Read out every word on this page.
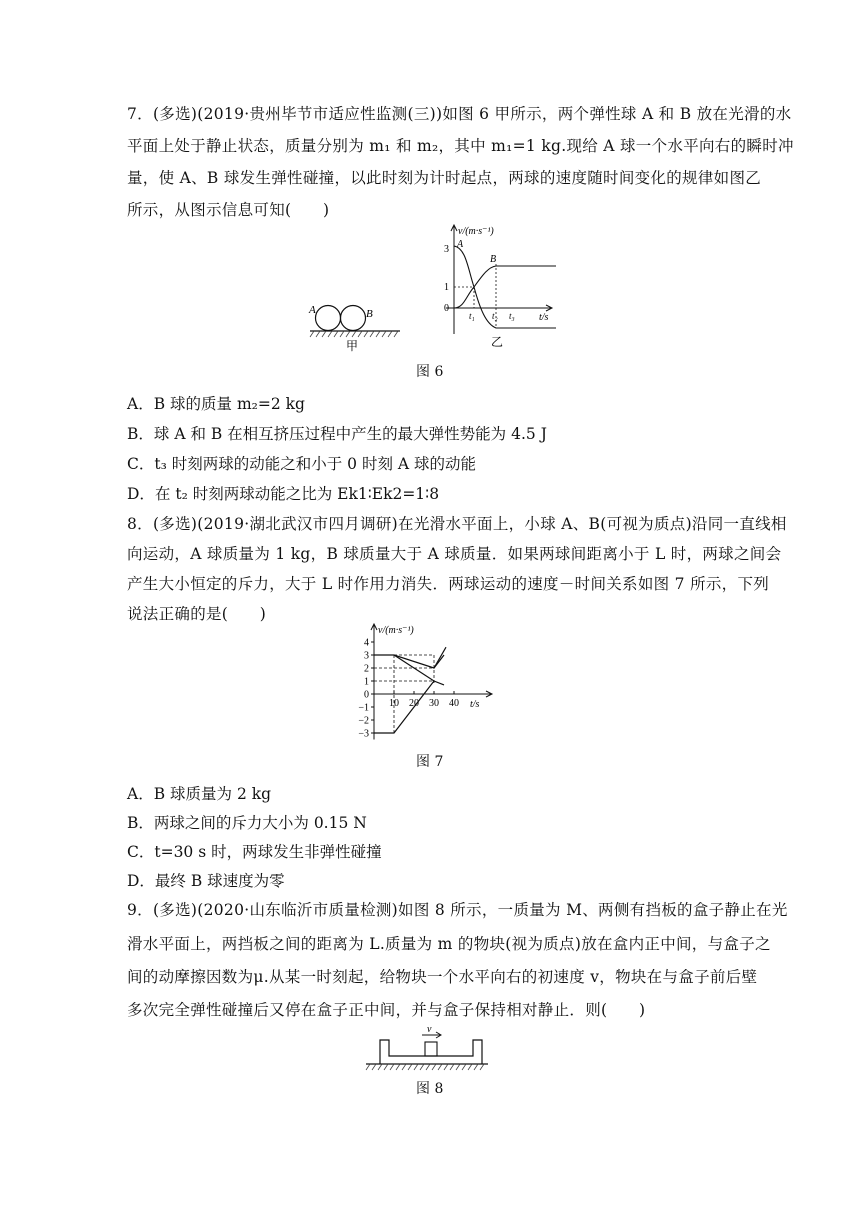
7．(多选)(2019·贵州毕节市适应性监测(三))如图 6 甲所示，两个弹性球 A 和 B 放在光滑的水
平面上处于静止状态，质量分别为 m₁ 和 m₂，其中 m₁=1 kg.现给 A 球一个水平向右的瞬时冲
量，使 A、B 球发生弹性碰撞，以此时刻为计时起点，两球的速度随时间变化的规律如图乙
所示，从图示信息可知(　　)
A	B
甲
v/(m·s⁻¹)
t/s
3
1
0
t₁ t₂ t₃
A
B
乙
图 6
A．B 球的质量 m₂=2 kg
B．球 A 和 B 在相互挤压过程中产生的最大弹性势能为 4.5 J
C．t₃ 时刻两球的动能之和小于 0 时刻 A 球的动能
D．在 t₂ 时刻两球动能之比为 Ek1∶Ek2=1∶8
8．(多选)(2019·湖北武汉市四月调研)在光滑水平面上，小球 A、B(可视为质点)沿同一直线相
向运动，A 球质量为 1 kg，B 球质量大于 A 球质量．如果两球间距离小于 L 时，两球之间会
产生大小恒定的斥力，大于 L 时作用力消失．两球运动的速度－时间关系如图 7 所示，下列
说法正确的是(　　)
v/(m·s⁻¹)
t/s
4
3
2
1
0
−1
−2
−3
10 20 30 40
图 7
A．B 球质量为 2 kg
B．两球之间的斥力大小为 0.15 N
C．t=30 s 时，两球发生非弹性碰撞
D．最终 B 球速度为零
9．(多选)(2020·山东临沂市质量检测)如图 8 所示，一质量为 M、两侧有挡板的盒子静止在光
滑水平面上，两挡板之间的距离为 L.质量为 m 的物块(视为质点)放在盒内正中间，与盒子之
间的动摩擦因数为μ.从某一时刻起，给物块一个水平向右的初速度 v，物块在与盒子前后壁
多次完全弹性碰撞后又停在盒子正中间，并与盒子保持相对静止．则(　　)
v
图 8
